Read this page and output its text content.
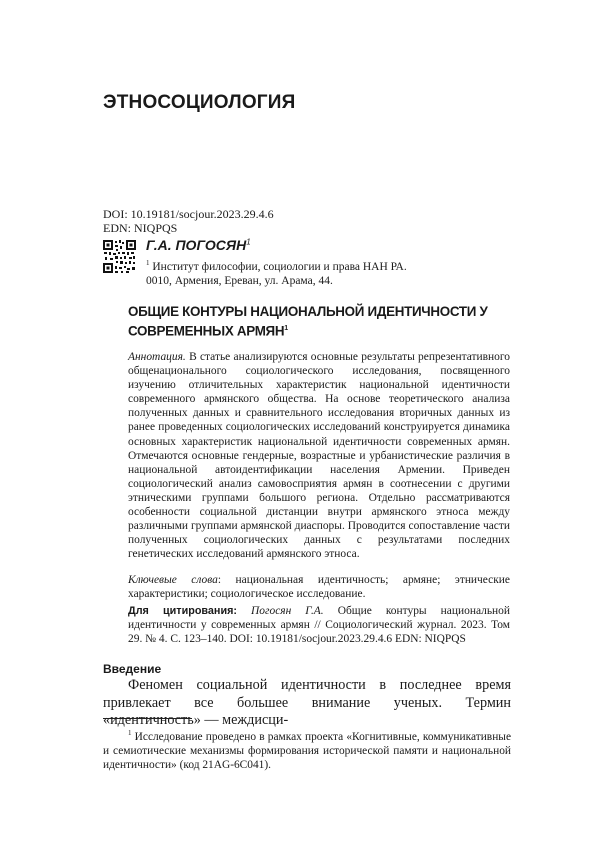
ЭТНОСОЦИОЛОГИЯ
DOI: 10.19181/socjour.2023.29.4.6
EDN: NIQPQS
Г.А. ПОГОСЯН$^1$
$^1$ Институт философии, социологии и права НАН РА.
0010, Армения, Ереван, ул. Арама, 44.
ОБЩИЕ КОНТУРЫ НАЦИОНАЛЬНОЙ ИДЕНТИЧНОСТИ У СОВРЕМЕННЫХ АРМЯН$^1$
Аннотация. В статье анализируются основные результаты репрезентативного общенационального социологического исследования, посвященного изучению отличительных характеристик национальной идентичности современного армянского общества. На основе теоретического анализа полученных данных и сравнительного исследования вторичных данных из ранее проведенных социологических исследований конструируется динамика основных характеристик национальной идентичности современных армян. Отмечаются основные гендерные, возрастные и урбанистические различия в национальной автоидентификации населения Армении. Приведен социологический анализ самовосприятия армян в соотнесении с другими этническими группами большого региона. Отдельно рассматриваются особенности социальной дистанции внутри армянского этноса между различными группами армянской диаспоры. Проводится сопоставление части полученных социологических данных с результатами последних генетических исследований армянского этноса.
Ключевые слова: национальная идентичность; армяне; этнические характеристики; социологическое исследование.
Для цитирования: Погосян Г.А. Общие контуры национальной идентичности у современных армян // Социологический журнал. 2023. Том 29. № 4. С. 123–140. DOI: 10.19181/socjour.2023.29.4.6 EDN: NIQPQS
Введение
Феномен социальной идентичности в последнее время привлекает все большее внимание ученых. Термин «идентичность» — междисци-
$^1$ Исследование проведено в рамках проекта «Когнитивные, коммуникативные и семиотические механизмы формирования исторической памяти и национальной идентичности» (код 21AG-6C041).
